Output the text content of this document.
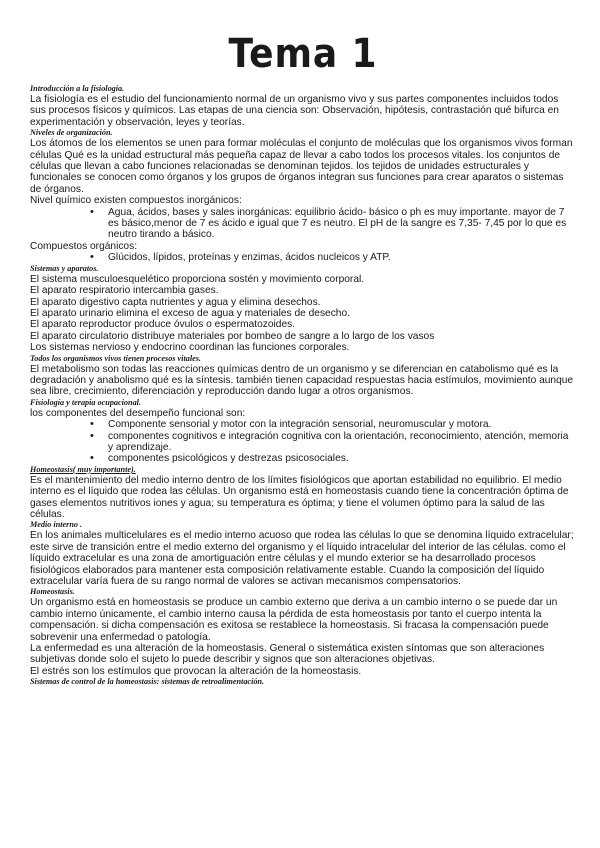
Tema 1

Introducción a la fisiología.

La fisiología es el estudio del funcionamiento normal de un organismo vivo y sus partes componentes incluidos todos sus procesos físicos y químicos. Las etapas de una ciencia son: Observación, hipótesis, contrastación qué bifurca en experimentación y observación, leyes y teorías.

Niveles de organización.

Los átomos de los elementos se unen para formar moléculas el conjunto de moléculas que los organismos vivos forman células Qué es la unidad estructural más pequeña capaz de llevar a cabo todos los procesos vitales. los conjuntos de células que llevan a cabo funciones relacionadas se denominan tejidos. los tejidos de unidades estructurales y funcionales se conocen como órganos y los grupos de órganos integran sus funciones para crear aparatos o sistemas de órganos.

Nivel químico existen compuestos inorgánicos:

• Agua, ácidos, bases y sales inorgánicas: equilibrio ácido- básico o ph es muy importante. mayor de 7 es básico,menor de 7 es ácido e igual que 7 es neutro. El pH de la sangre es 7,35- 7,45 por lo que es neutro tirando a básico.

Compuestos orgánicos:

• Glúcidos, lípidos, proteínas y enzimas, ácidos nucleicos y ATP.

Sistemas y aparatos.

El sistema musculoesquelético proporciona sostén y movimiento corporal.

El aparato respiratorio intercambia gases.

El aparato digestivo capta nutrientes y agua y elimina desechos.

El aparato urinario elimina el exceso de agua y materiales de desecho.

El aparato reproductor produce óvulos o espermatozoides.

El aparato circulatorio distribuye materiales por bombeo de sangre a lo largo de los vasos

Los sistemas nervioso y endocrino coordinan las funciones corporales.

Todos los organismos vivos tienen procesos vitales.

El metabolismo son todas las reacciones químicas dentro de un organismo y se diferencian en catabolismo qué es la degradación y anabolismo qué es la síntesis. también tienen capacidad respuestas hacia estímulos, movimiento aunque sea libre, crecimiento, diferenciación y reproducción dando lugar a otros organismos.

Fisiología y terapia ocupacional.

los componentes del desempeño funcional son:

• Componente sensorial y motor con la integración sensorial, neuromuscular y motora.
• componentes cognitivos e integración cognitiva con la orientación, reconocimiento, atención, memoria y aprendizaje.
• componentes psicológicos y destrezas psicosociales.

Homeostasis( muy importante).

Es el mantenimiento del medio interno dentro de los límites fisiológicos que aportan estabilidad no equilibrio. El medio interno es el líquido que rodea las células. Un organismo está en homeostasis cuando tiene la concentración óptima de gases elementos nutritivos iones y agua; su temperatura es óptima; y tiene el volumen óptimo para la salud de las células.

Medio interno .

En los animales multicelulares es el medio interno acuoso que rodea las células lo que se denomina líquido extracelular; este sirve de transición entre el medio externo del organismo y el líquido intracelular del interior de las células. como el líquido extracelular es una zona de amortiguación entre células y el mundo exterior se ha desarrollado procesos fisiológicos elaborados para mantener esta composición relativamente estable. Cuando la composición del líquido extracelular varía fuera de su rango normal de valores se activan mecanismos compensatorios.

Homeostasis.

Un organismo está en homeostasis se produce un cambio externo que deriva a un cambio interno o se puede dar un cambio interno únicamente, el cambio interno causa la pérdida de esta homeostasis por tanto el cuerpo intenta la compensación. si dicha compensación es exitosa se restablece la homeostasis. Si fracasa la compensación puede sobrevenir una enfermedad o patología.

La enfermedad es una alteración de la homeostasis. General o sistemática existen síntomas que son alteraciones subjetivas donde solo el sujeto lo puede describir y signos que son alteraciones objetivas.

El estrés son los estímulos que provocan la alteración de la homeostasis.

Sistemas de control de la homeostasis: sistemas de retroalimentación.
